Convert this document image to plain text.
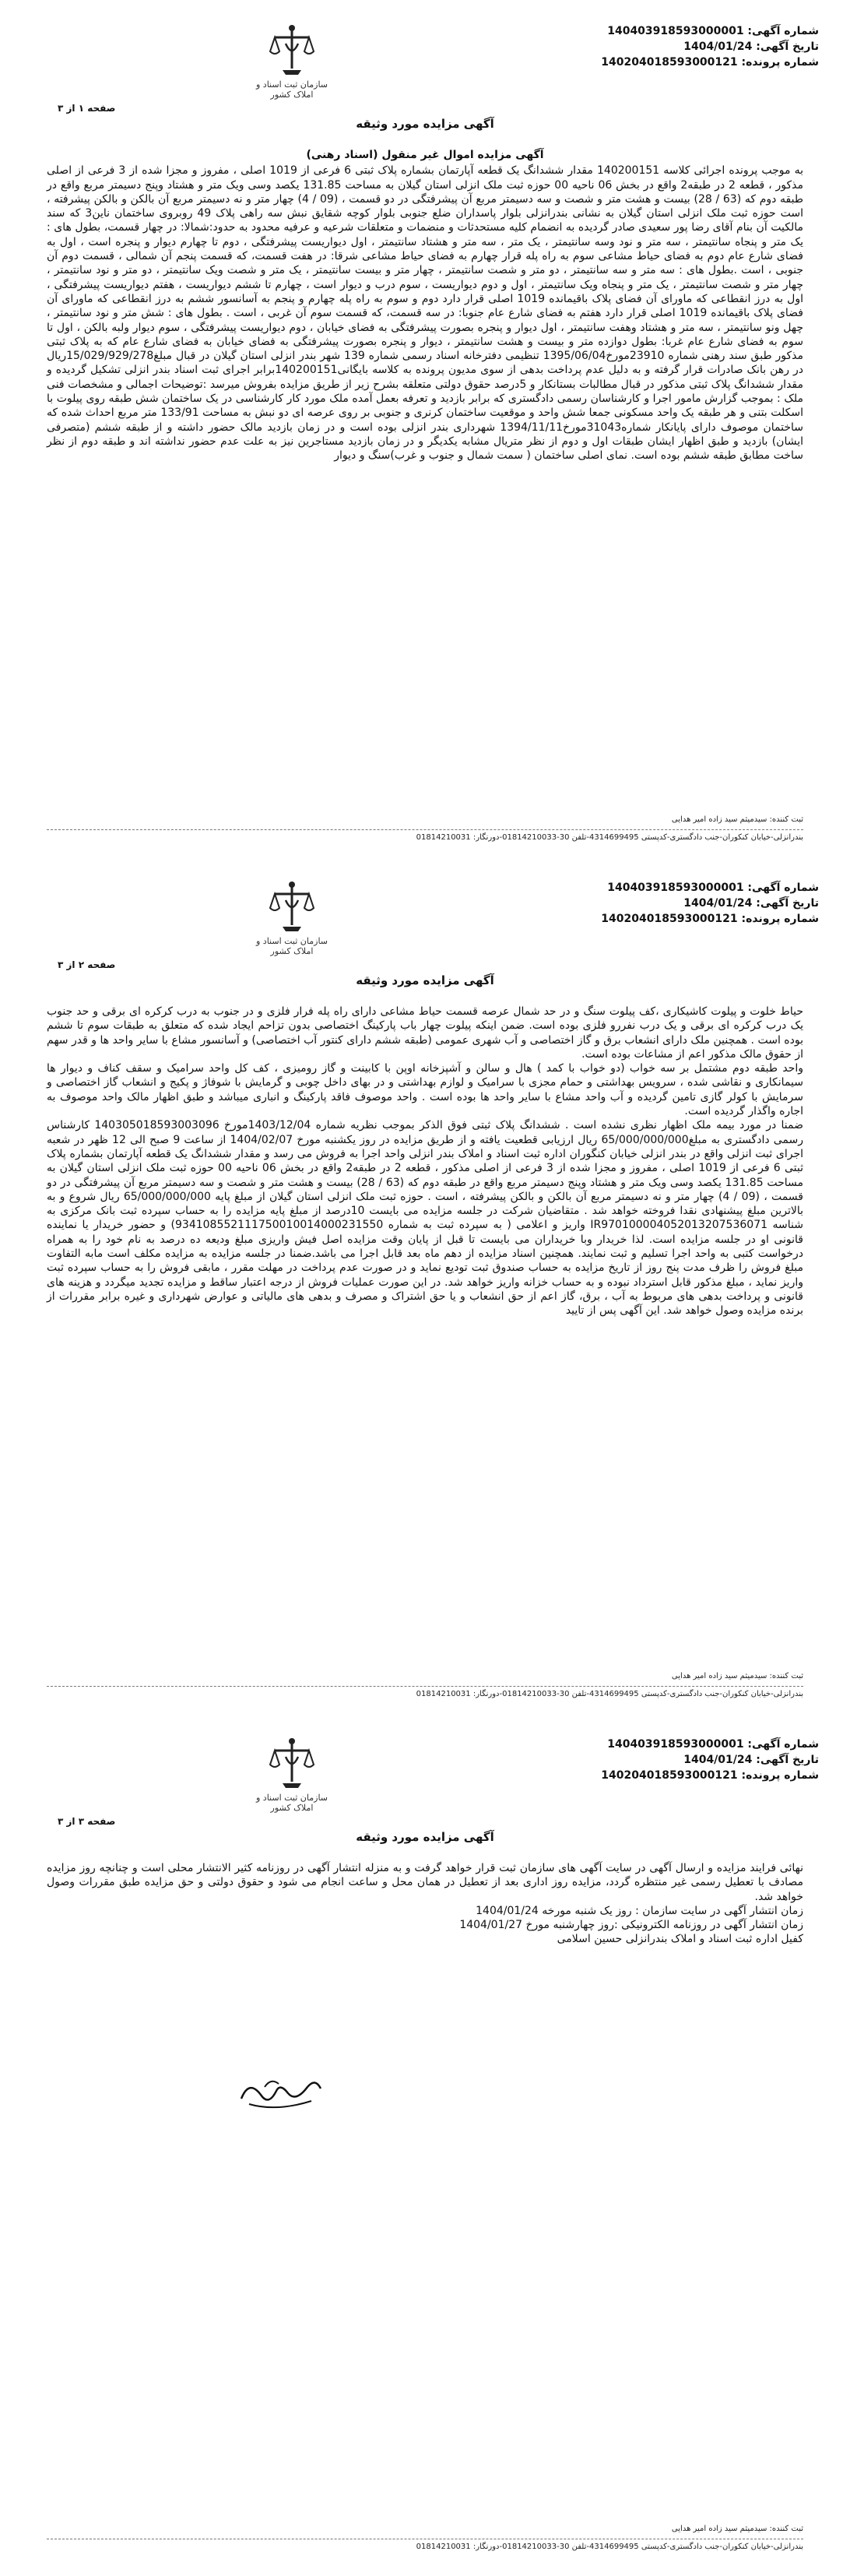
سازمان ثبت اسناد و املاک کشور
شماره آگهی: 140403918593000001
تاریخ آگهی: 1404/01/24
شماره پرونده: 140204018593000121
صفحه ۱ از ۳
آگهی مزایده مورد وثیقه

آگهی مزایده اموال غیر منقول (اسناد رهنی)

به موجب پرونده اجرائی کلاسه 140200151 مقدار ششدانگ یک قطعه آپارتمان بشماره پلاک ثبتی 6 فرعی از 1019 اصلی ، مفروز و مجزا شده از 3 فرعی از اصلی مذکور ، قطعه 2 در طبقه2 واقع در بخش 06 ناحیه 00 حوزه ثبت ملک انزلی استان گیلان به مساحت 131.85 یکصد وسی ویک متر و هشتاد وپنج دسیمتر مربع واقع در طبقه دوم که (63 / 28) بیست و هشت متر و شصت و سه دسیمتر مربع آن پیشرفتگی در دو قسمت ، (09 / 4) چهار متر و نه دسیمتر مربع آن بالکن و بالکن پیشرفته ، است حوزه ثبت ملک انزلی استان گیلان به نشانی بندرانزلی بلوار پاسداران ضلع جنوبی بلوار کوچه شقایق نبش سه راهی پلاک 49 روبروی ساختمان ناین3 که سند مالکیت آن بنام آقای رضا پور سعیدی صادر گردیده به انضمام کلیه مستحدثات و منضمات و متعلقات شرعیه و عرفیه محدود به حدود:شمالا: در چهار قسمت، بطول های : یک متر و پنجاه سانتیمتر ، سه متر و نود وسه سانتیمتر ، یک متر ، سه متر و هشتاد سانتیمتر ، اول دیواریست پیشرفتگی ، دوم تا چهارم دیوار و پنجره است ، اول به فضای شارع عام دوم به فضای حیاط مشاعی سوم به راه پله قرار چهارم به فضای حیاط مشاعی شرقا: در هفت قسمت، که قسمت پنجم آن شمالی ، قسمت دوم آن جنوبی ، است .بطول های : سه متر و سه سانتیمتر ، دو متر و شصت سانتیمتر ، چهار متر و بیست سانتیمتر ، یک متر و شصت ویک سانتیمتر ، دو متر و نود سانتیمتر ، چهار متر و شصت سانتیمتر ، یک متر و پنجاه ویک سانتیمتر ، اول و دوم دیواریست ، سوم درب و دیوار است ، چهارم تا ششم دیواریست ، هفتم دیواریست پیشرفتگی ، اول به درز انقطاعی که ماورای آن فضای پلاک باقیمانده 1019 اصلی قرار دارد دوم و سوم به راه پله چهارم و پنجم به آسانسور ششم به درز انقطاعی که ماورای آن فضای پلاک باقیمانده 1019 اصلی قرار دارد هفتم به فضای شارع عام جنوبا: در سه قسمت، که قسمت سوم آن غربی ، است . بطول های : شش متر و نود سانتیمتر ، چهل ونو سانتیمتر ، سه متر و هشتاد وهفت سانتیمتر ، اول دیوار و پنجره بصورت پیشرفتگی به فضای خیابان ، دوم دیواریست پیشرفتگی ، سوم دیوار ولبه بالکن ، اول تا سوم به فضای شارع عام غربا: بطول دوازده متر و بیست و هشت سانتیمتر ، دیوار و پنجره بصورت پیشرفتگی به فضای خیابان به فضای شارع عام که به پلاک ثبتی مذکور طبق سند رهنی شماره 23910مورخ1395/06/04 تنظیمی دفترخانه اسناد رسمی شماره 139 شهر بندر انزلی استان گیلان در قبال مبلغ15/029/929/278ریال در رهن بانک صادرات قرار گرفته و به دلیل عدم پرداخت بدهی از سوی مدیون پرونده به کلاسه بایگانی140200151برابر اجرای ثبت اسناد بندر انزلی تشکیل گردیده و مقدار ششدانگ پلاک ثبتی مذکور در قبال مطالبات بستانکار و 5درصد حقوق دولتی متعلقه بشرح زیر از طریق مزایده بفروش میرسد :توضیحات اجمالی و مشخصات فنی ملک : بموجب گزارش مامور اجرا و کارشناسان رسمی دادگستری که برابر بازدید و تعرفه بعمل آمده ملک مورد کار کارشناسی در یک ساختمان شش طبقه روی پیلوت با اسکلت بتنی و هر طبقه یک واحد مسکونی جمعا شش واحد و موقعیت ساختمان کرنری و جنوبی بر روی عرصه ای دو نبش به مساحت 133/91 متر مربع احداث شده که ساختمان موصوف دارای پایانکار شماره31043مورخ1394/11/11 شهرداری بندر انزلی بوده است و در زمان بازدید مالک حضور داشته و از طبقه ششم (متصرفی ایشان) بازدید و طبق اظهار ایشان طبقات اول و دوم از نظر متریال مشابه یکدیگر و در زمان بازدید مستاجرین نیز به علت عدم حضور نداشته اند و طبقه دوم از نظر ساخت مطابق طبقه ششم بوده است. نمای اصلی ساختمان ( سمت شمال و جنوب و غرب)سنگ و دیوار

ثبت کننده: سیدمیثم سید زاده امیر هدایی
بندرانزلی-خیابان کنکوران-جنب دادگستری-کدپستی 4314699495-تلفن 30-01814210033-دورنگار: 01814210031
سازمان ثبت اسناد و املاک کشور
شماره آگهی: 140403918593000001
تاریخ آگهی: 1404/01/24
شماره پرونده: 140204018593000121
صفحه ۲ از ۳
آگهی مزایده مورد وثیقه

حیاط خلوت و پیلوت کاشیکاری ،کف پیلوت سنگ و در حد شمال عرصه قسمت حیاط مشاعی دارای راه پله فرار فلزی و در جنوب به درب کرکره ای برقی و حد جنوب یک درب کرکره ای برقی و یک درب نفررو فلزی بوده است. ضمن اینکه پیلوت چهار باب پارکینگ اختصاصی بدون تزاحم ایجاد شده که متعلق به طبقات سوم تا ششم بوده است . همچنین ملک دارای انشعاب برق و گاز اختصاصی و آب شهری عمومی (طبقه ششم دارای کنتور آب اختصاصی) و آسانسور مشاع با سایر واحد ها و قدر سهم از حقوق مالک مذکور اعم از مشاعات بوده است.

واحد طبقه دوم مشتمل بر سه خواب (دو خواب با کمد ) هال و سالن و آشپزخانه اوپن با کابینت و گاز رومیزی ، کف کل واحد سرامیک و سقف کناف و دیوار ها سیمانکاری و نقاشی شده ، سرویس بهداشتی و حمام مجزی با سرامیک و لوازم بهداشتی و در بهای داخل چوبی و گرمایش با شوفاژ و پکیج و انشعاب گاز اختصاصی و سرمایش با کولر گازی تامین گردیده و آب واحد مشاع با سایر واحد ها بوده است . واحد موصوف فاقد پارکینگ و انباری میباشد و طبق اظهار مالک واحد موصوف به اجاره واگذار گردیده است.

ضمنا در مورد بیمه ملک اظهار نظری نشده است . ششدانگ پلاک ثبتی فوق الذکر بموجب نظریه شماره 1403/12/04مورخ 140305018593003096 کارشناس رسمی دادگستری به مبلغ65/000/000/000 ریال ارزیابی قطعیت یافته و از طریق مزایده در روز یکشنبه مورخ 1404/02/07 از ساعت 9 صبح الی 12 ظهر در شعبه اجرای ثبت انزلی واقع در بندر انزلی خیابان کنگوران اداره ثبت اسناد و املاک بندر انزلی واحد اجرا به فروش می رسد و مقدار ششدانگ یک قطعه آپارتمان بشماره پلاک ثبتی 6 فرعی از 1019 اصلی ، مفروز و مجزا شده از 3 فرعی از اصلی مذکور ، قطعه 2 در طبقه2 واقع در بخش 06 ناحیه 00 حوزه ثبت ملک انزلی استان گیلان به مساحت 131.85 یکصد وسی ویک متر و هشتاد وپنج دسیمتر مربع واقع در طبقه دوم که (63 / 28) بیست و هشت متر و شصت و سه دسیمتر مربع آن پیشرفتگی در دو قسمت ، (09 / 4) چهار متر و نه دسیمتر مربع آن بالکن و بالکن پیشرفته ، است . حوزه ثبت ملک انزلی استان گیلان از مبلغ پایه 65/000/000/000 ریال شروع و به بالاترین مبلغ پیشنهادی نقدا فروخته خواهد شد . متقاضیان شرکت در جلسه مزایده می بایست 10درصد از مبلغ پایه مزایده را به حساب سپرده ثبت بانک مرکزی به شناسه IR970100004052013207536071 واریز و اعلامی ( به سپرده ثبت به شماره 934108552111750010014000231550) و حضور خریدار یا نماینده قانونی او در جلسه مزایده است. لذا خریدار وبا خریداران می بایست تا قبل از پایان وقت مزایده اصل فیش واریزی مبلغ ودیعه ده درصد به نام خود را به همراه درخواست کتبی به واحد اجرا تسلیم و ثبت نمایند. همچنین اسناد مزایده از دهم ماه بعد قابل اجرا می باشد.ضمنا در جلسه مزایده به مزایده مکلف است مابه التفاوت مبلغ فروش را ظرف مدت پنج روز از تاریخ مزایده به حساب صندوق ثبت تودیع نماید و در صورت عدم پرداخت در مهلت مقرر ، مابقی فروش را به حساب سپرده ثبت واریز نماید ، مبلغ مذکور قابل استرداد نبوده و به حساب خزانه واریز خواهد شد. در این صورت عملیات فروش از درجه اعتبار ساقط و مزایده تجدید میگردد و هزینه های قانونی و پرداخت بدهی های مربوط به آب ، برق، گاز اعم از حق انشعاب و یا حق اشتراک و مصرف و بدهی های مالیاتی و عوارض شهرداری و غیره برابر مقررات از برنده مزایده وصول خواهد شد. این آگهی پس از تایید

ثبت کننده: سیدمیثم سید زاده امیر هدایی
بندرانزلی-خیابان کنکوران-جنب دادگستری-کدپستی 4314699495-تلفن 30-01814210033-دورنگار: 01814210031
سازمان ثبت اسناد و املاک کشور
شماره آگهی: 140403918593000001
تاریخ آگهی: 1404/01/24
شماره پرونده: 140204018593000121
صفحه ۳ از ۳
آگهی مزایده مورد وثیقه

نهائی فرایند مزایده و ارسال آگهی در سایت آگهی های سازمان ثبت قرار خواهد گرفت و به منزله انتشار آگهی در روزنامه کثیر الانتشار محلی است و چنانچه روز مزایده مصادف با تعطیل رسمی غیر منتظره گردد، مزایده روز اداری بعد از تعطیل در همان محل و ساعت انجام می شود و حقوق دولتی و حق مزایده طبق مقررات وصول خواهد شد.

زمان انتشار آگهی در سایت سازمان : روز یک شنبه مورخه 1404/01/24

زمان انتشار آگهی در روزنامه الکترونیکی :روز چهارشنبه مورخ 1404/01/27

کفیل اداره ثبت اسناد و املاک بندرانزلی حسین اسلامی

ثبت کننده: سیدمیثم سید زاده امیر هدایی
بندرانزلی-خیابان کنکوران-جنب دادگستری-کدپستی 4314699495-تلفن 30-01814210033-دورنگار: 01814210031
